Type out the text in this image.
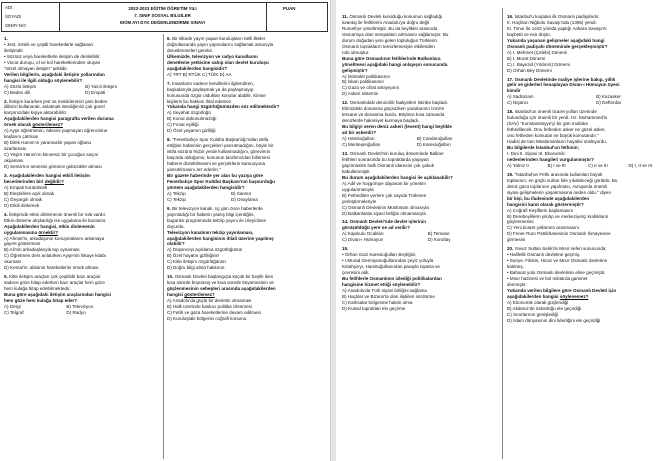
ADI:
SOYADI
SINIFI-NO:
2022-2023 EĞİTİM ÖĞRETİM YILI
7. SINIF SOSYAL BİLGİLER
EKİM AYI DYK DEĞERLENDİRME SINAVI
PUAN

1.

• Jest, mimik ve çeşitli hareketlerle sağlanan

iletişimdir.

• Sözsüz veya hareketlerle iletişim de denilebilir.

• Vücut duruşu, el ve kol hareketlerinden oluşan

"sözel olmayan iletişim" şeklidir.

Verilen bilgilerin, aşağıdaki iletişim yollarından

hangisi ile ilgili olduğu söylenebilir?

A) Sözlü iletişim	B) Yazılı iletişim
C) Beden dili	D) Empati

2. İletişim kurarken jest ve mimiklerimizi yani beden

dilimizi kullanarak, anlatmak istediğimizi çok güzel

karşımızdaki kişiye aktarabiliriz.

Aşağıdakilerden hangisi paragrafta verilen duruma

örnek olarak gösterilemez?

A) Ayşe öğretmenin, ödevini yapmayan öğrencisine

kaşlarını çatması

B) Dilek Hanım'ın yaramazlık yapan oğlunu

azarlaması

C) Yeşim Hanım'ın kimsesiz bir çocuğun saçını

okşaması

D) Sema'nın annesini görünce gülücükler atması

3. Aşağıdakilerden hangisi etkili iletişim

becerilerinden biri değildir?

A) Empati kurabilmek

B) Eleştirilere açık olmak

C) Önyargılı olmak

D) Etkili dinlemek

4. İletişimde etkin dinlemenin önemli bir rolü vardır.

Etkin dinleme alışkanlığı ise uygulama ile kazanılır.

Aşağıdakilerden hangisi, etkin dinlemenin

uygulanmasına örnektir?

A) Ahmet'in, arkadaşının konuşmalarını anlamaya

gayret göstermesi

B) Ali'nin arkadaşlarıyla top oynaması

C) Öğretmen ders anlatırken Ayşe'nin hikaye kitabı

okuması

D) Kemal'in; abisinin hareketlerini örnek alması

5. Kitle iletişim araçları çok çeşitlidir bazı araçlar

sadece göze hitap ederken bazı araçlar hem göze

hem kulağa hitap edebilmektedir.

Buna göre aşağıdaki iletişim araçlarından hangisi

hem göze hem kulağa hitap eder?

A) Dergi	B) Televizyon
C) Telgraf	D) Radyo

6. Bir ülkede yayın yapan kuruluşların belli ilkeler

doğrultusunda yayın yapmalarını sağlamak amacıyla

denetlenmeleri gerekir.

Ülkemizde, televizyon ve radyo kanallarını

denetleme yetkisine sahip olan devlet kuruluşu

aşağıdakilerden hangisidir?

A) TRT B) RTÜK C) TÜİK D) AA

7. İnsanların sadece kendilerini ilgilendiren,

başkalarıyla paylaşmak ya da paylaşmayıp

konusunda özgür oldukları konular alabilir. Kimse

kişilerin bu hakkını ihlal edemez.

Yukarıda hangi özgürlüğümüzden söz edilmektedir?

A) Seyahat özgürlüğü

B) Konut dokunulmazlığı

C) Fırsat eşitliği

D) Özel yaşamın gizliliği

8. "Fenerbahçe Spor Kulübü Başkanlığı'ndan istifa

ettiğine haberinin gerçekleri yansıtmadığını, böyle bir

istifa sözünü hiçbir yerde kullanmadığını, görevimin

başında olduğumu, konunun tarafımızdan bilinmesi

haberin düzeltilmesini ve gerçeklerin kamuoyuna

yansıtılmasını arz ederim."

Bir gazete haberinde yer alan bu yazıya göre

Fenerbahçe Spor Kulübü Başkanı'nın başvurduğu

yöntem aşağıdakilerden hangisidir?

A) Tekzip	B) Sansür
C) Tekzip	D) Onaylama

9. Bir televizyon kanalı, üç gün önce haberlerde

yayınladığı bir haberin yanlış bilgi içerdiğini,

bugünkü programında tekzip yayını ile izleyicilere

duyurdu.

Televizyon kanalının tekzip yayınlaması,

aşağıdakilerden hangisinin ihlali üzerine yapılmış

olabilir?

A) Düşünceyi açıklama özgürlüğünün

B) Özel hayatın gizliliğinin

C) Kitle iletişim özgürlüğünün

D) Doğru bilgi alma hakkının

10. Osmanlı Devleti başlangıçta küçük bir beylik iken

kısa sürede büyümüş ve kısa sürede büyümesinin ve

güçlenmesinin sebepleri arasında aşağıdakilerden

hangisi gösterilemez?

A) Anadolu'da güçlü bir devletin olmaması

B) Halk üzerinde baskıcı politika izlenmesi

C) Fetih ve gaza hareketlerine devam edilmesi

D) Kuruluştaki bölgenin coğrafi konumu

11. Osmanlı Devleti kurulduğu konumun sağladığı

avantaj ile fetihlerini Anadolu'ya doğru değil

Rumeli'ye yöneltmiştir. Bu da beylikler arasında

Osmanlıya olan sempatinin artmasını sağlamıştır. Bu

durum doğudan yeni gelen topluluğun Türklerin

Osmanlı toprakların temizlemesiyle etkilenden

rolü olmuştur.

Buna göre Osmanlının fetihlerinde Balkanlara

yöneltmesi aşağıdaki hangi anlayışın sonucunda

gelişmiştir?

A) İstimalet politikasının

B) İskan politikasının

C) Gaza ve cihat anlayışının

D) Askeri sistemin

12. Osmanlıdaki denizcilik faaliyetleri İstinbe başladı.

Elimizdeki donanma güçsüzken yararlarının İzmit'e

tersane ve donanma kurdu. Böylece kısa zamanda

denizlerde hakimiyet kurmaya başladı.

Bu bilgiyi veren deniz askeri (levent) hangi beylikle

ait bir askerdir?

A) Hamitoğulları	B) Candaroğulları
C) Menteşeoğulları	D) Karesioğulları

13. Osmanlı Devleti'nin kuruluş döneminde Balkan

fetihleri sonrasında bu topraklarda yaşayan

gayrimüslim halk Osmanlı idaresini çok çabuk

kabullenmiştir.

Bu durum aşağıdakilerden hangisi ile açıklanabilir?

A) Adil ve hoşgörüye dayanan bir yönetim

uygulanmasıyla

B) Fethedilen yerlere çok sayıda Türkmen

yerleştirmeleriyle

C) Osmanlı Devletinin Müslüman olmasıyla

D) Balkanlarda siyasi birliğin olmamasıyla

14. Osmanlı Devleti'nde devlet işlerinin

görüşüldüğü yere ne ad verilir?

A) Kapıkulu Ocakları	B) Tersane
C) Divan-ı Hümayun	D) Kurultay

15.

• Orhan Gazi Karesioğulları Beyliğini,

• I.Murad Germiyanoğullarından çeyiz yoluyla

Kütahya'yı, Hamitoğullarından parayla Isparta ve

çevresini aldı.

Bu fetihlerle Osmanlının izlediği politikalardan

hangisine hizmet ettiği söylenebilir?

A) Anadolu'da Türk siyasi birliğini sağlama

B) Haçlılar ve Bizans'la olan ilişkileri sürdürme

C) Karlısalar bölgesine hakim olma

D) Kutsal topraklan ele geçirme

16. İstanbul'u kuşatan ilk Osmanlı padişahıdır.

II. Haçlıları Niğbolu Savaşı'nda (1396) yendi.

III. Timur ile 1402 yılında yaptığı Ankara Savaşı'nı

kaybetti ve esir düştü.

Yukarıda yaşanan gelişmeler aşağıdaki hangi

Osmanlı padişahı döneminde gerçekleşmiştir?

A) I. Mehmet (Çelebi) Dönemi

B) I. Murat Dönemi

C) I. Bayezid (Yıldırım) Dönemi

D) Orhan Bey Dönemi

17. Osmanlı Devletinde maliye işlerine bakıp, yıllık

gelir ve giderleri hesaplayan Divan-ı Hümayun üyesi

kimdir

A) Sadrazam	B) Kazasker
C) Nişancı	D) Defterdar

18. Istanbul'un önemli ticaret yolları üzerinde

bulunduğu için önemli bir yerdi. Hz. Muhammed'in

(SAV) "Konstantiniyye'yi bir gün mutlaka

fethedilecek. Onu fetheden asker ne güzel asker,

onu fetheden komutan ne büyük komutandır."

Hadisi de tüm Müslümanların hayalini süslüyordu.

Bu bilgilerde İstanbul'un fethinin;

I. Dini II. Siyasi III. Ekonomik

nedenlerinden hangileri vurgulanmıştır?

A) Yalnız II	B) I ve III	C) II ve III	D) I, II ve III

19. "İstanbul'un Fethi arasında kullanılan büyük

toplarının, en güçlü surları bile yıkabileceği görüldü. Bu

deniz gücü toplarının yapılması, Avrupa'da önemli

siyasi gelişmelerin yaşanmasına neden oldu." diyen

bir kişi, bu ifadesinde aşağıdakilerden

hangisini kanıt olarak göstermiştir?

A) Coğrafi Keşiflerin başlamasını

B) Derebeylilerin yıkılıp ve merkeziyetçi krallıkların

güçlenmesini

C) Yeni ticaret yollarının aranmasını

D) Fener Rum Patrikhanesinin Osmanlı himayesine

girmesini

20. Yavuz Sultan Selim'in Mısır seferi sonucunda;

• Halifelik Osmanlı devletine geçmiş.

• Suriye, Filistin, Hicaz ve Mısır Osmanlı devletine

katılmış.

• Baharat yolu Osmanlı devletinin eline geçmiştir.

• Mısır hazinesi ve bol miktarda ganimet

alınmıştır.

Yukarıda verilen bilgilere göre Osmanlı Devleti için

aşağıdakilerden hangisi söylenemez?

A) Ekonomik olarak güçlendiği

B) Akdeniz'de üstünlüğü ele geçirdiği

C) Sınırlarının genişlediği

D) İslam dünyasının dini liderliğini ele geçirdiği
